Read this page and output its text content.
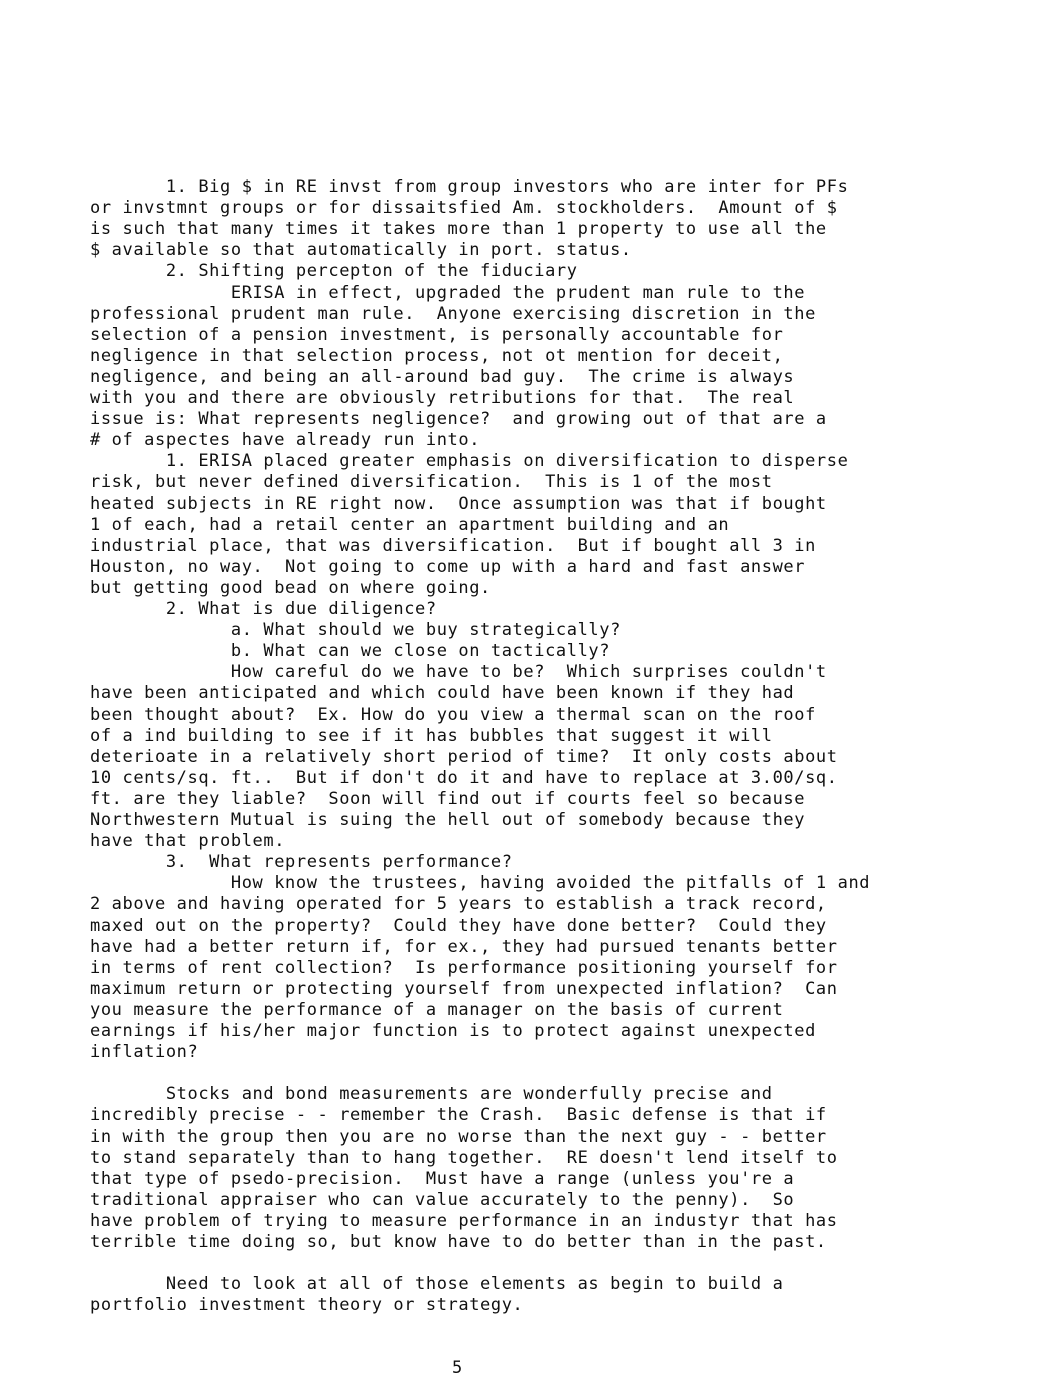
1. Big $ in RE invst from group investors who are inter for PFs
or invstmnt groups or for dissaitsfied Am. stockholders.  Amount of $
is such that many times it takes more than 1 property to use all the
$ available so that automatically in port. status.
2. Shifting percepton of the fiduciary
ERISA in effect, upgraded the prudent man rule to the
professional prudent man rule.  Anyone exercising discretion in the
selection of a pension investment, is personally accountable for
negligence in that selection process, not ot mention for deceit,
negligence, and being an all-around bad guy.  The crime is always
with you and there are obviously retributions for that.  The real
issue is: What represents negligence?  and growing out of that are a
# of aspectes have already run into.
1. ERISA placed greater emphasis on diversification to disperse
risk, but never defined diversification.  This is 1 of the most
heated subjects in RE right now.  Once assumption was that if bought
1 of each, had a retail center an apartment building and an
industrial place, that was diversification.  But if bought all 3 in
Houston, no way.  Not going to come up with a hard and fast answer
but getting good bead on where going.
2. What is due diligence?
a. What should we buy strategically?
b. What can we close on tactically?
How careful do we have to be?  Which surprises couldn't
have been anticipated and which could have been known if they had
been thought about?  Ex. How do you view a thermal scan on the roof
of a ind building to see if it has bubbles that suggest it will
deterioate in a relatively short period of time?  It only costs about
10 cents/sq. ft..  But if don't do it and have to replace at 3.00/sq.
ft. are they liable?  Soon will find out if courts feel so because
Northwestern Mutual is suing the hell out of somebody because they
have that problem.
3.  What represents performance?
How know the trustees, having avoided the pitfalls of 1 and
2 above and having operated for 5 years to establish a track record,
maxed out on the property?  Could they have done better?  Could they
have had a better return if, for ex., they had pursued tenants better
in terms of rent collection?  Is performance positioning yourself for
maximum return or protecting yourself from unexpected inflation?  Can
you measure the performance of a manager on the basis of current
earnings if his/her major function is to protect against unexpected
inflation?
Stocks and bond measurements are wonderfully precise and
incredibly precise - - remember the Crash.  Basic defense is that if
in with the group then you are no worse than the next guy - - better
to stand separately than to hang together.  RE doesn't lend itself to
that type of psedo-precision.  Must have a range (unless you're a
traditional appraiser who can value accurately to the penny).  So
have problem of trying to measure performance in an industyr that has
terrible time doing so, but know have to do better than in the past.
Need to look at all of those elements as begin to build a
portfolio investment theory or strategy.
5
